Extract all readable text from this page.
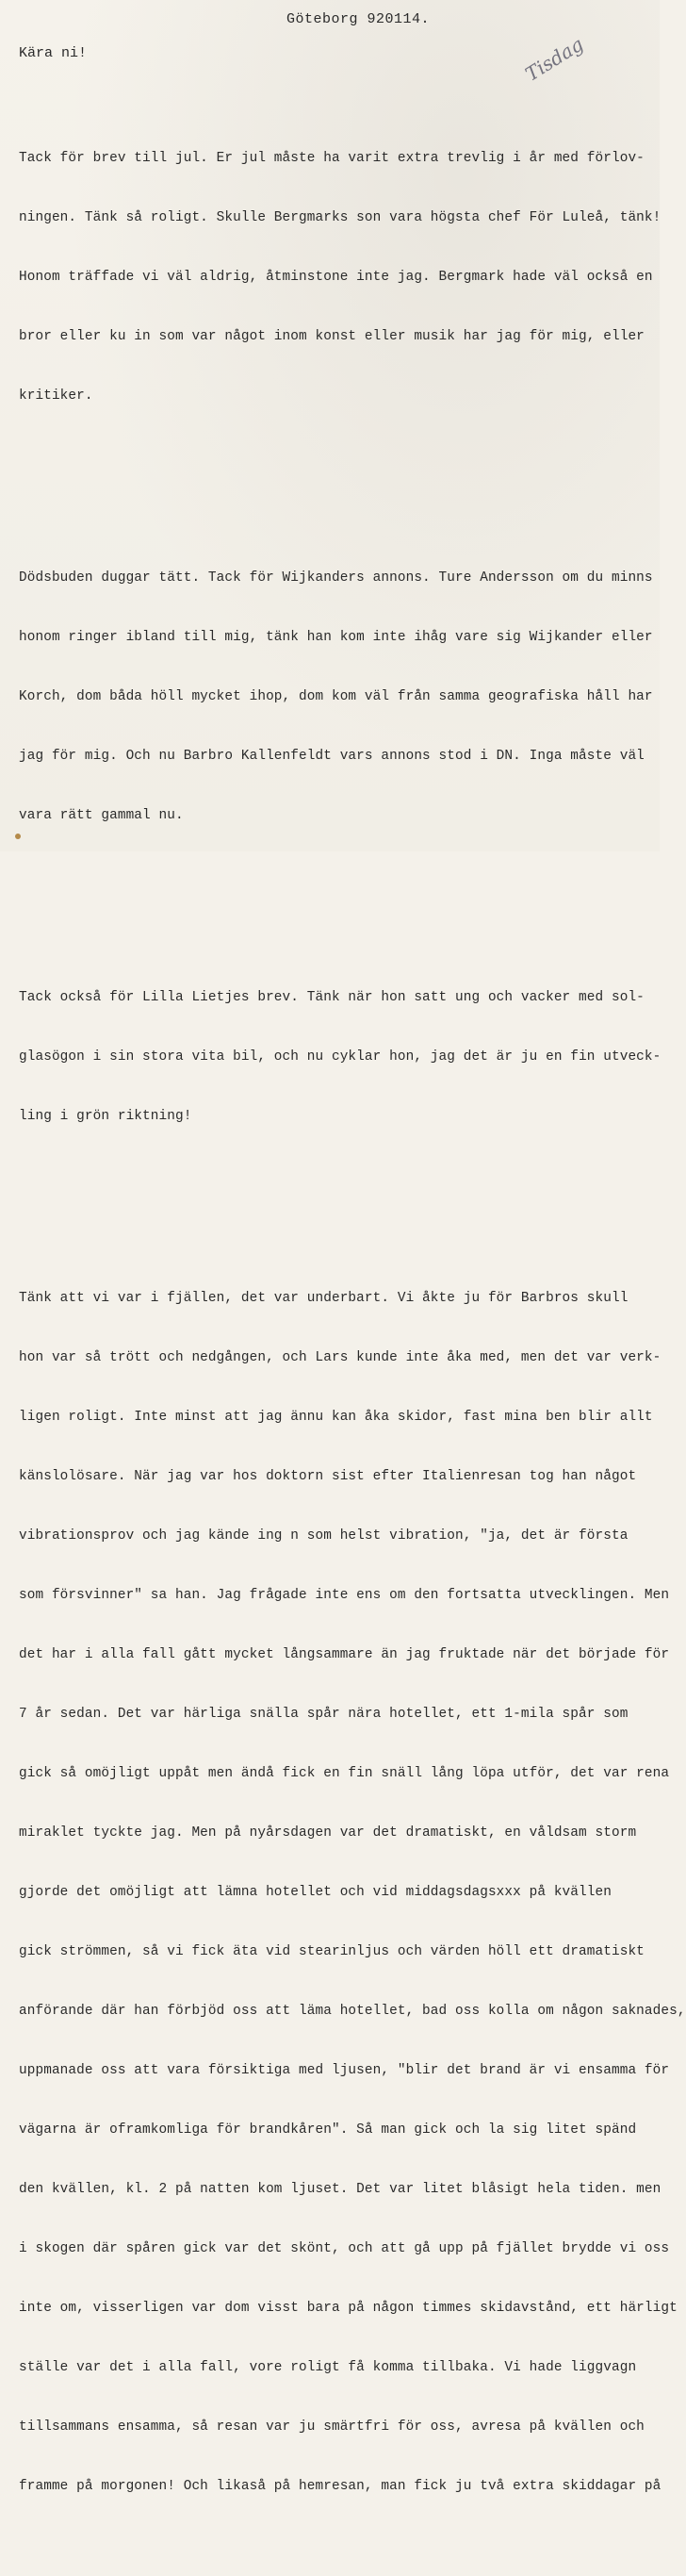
Göteborg 920114.
Tisdag
Kära ni!

Tack för brev till jul. Er jul måste ha varit extra trevlig i år med förlov-

ningen. Tänk så roligt. Skulle Bergmarks son vara högsta chef För Luleå, tänk!

Honom träffade vi väl aldrig, åtminstone inte jag. Bergmark hade väl också en

bror eller ku in som var något inom konst eller musik har jag för mig, eller

kritiker.

Dödsbuden duggar tätt. Tack för Wijkanders annons. Ture Andersson om du minns

honom ringer ibland till mig, tänk han kom inte ihåg vare sig Wijkander eller

Korch, dom båda höll mycket ihop, dom kom väl från samma geografiska håll har

jag för mig. Och nu Barbro Kallenfeldt vars annons stod i DN. Inga måste väl

vara rätt gammal nu.

Tack också för Lilla Lietjes brev. Tänk när hon satt ung och vacker med sol-

glasögon i sin stora vita bil, och nu cyklar hon, jag det är ju en fin utveck-

ling i grön riktning!

Tänk att vi var i fjällen, det var underbart. Vi åkte ju för Barbros skull

hon var så trött och nedgången, och Lars kunde inte åka med, men det var verk-

ligen roligt. Inte minst att jag ännu kan åka skidor, fast mina ben blir allt

känslolösare. När jag var hos doktorn sist efter Italienresan tog han något

vibrationsprov och jag kände ing n som helst vibration, "ja, det är första

som försvinner" sa han. Jag frågade inte ens om den fortsatta utvecklingen. Men

det har i alla fall gått mycket långsammare än jag fruktade när det började för

7 år sedan. Det var härliga snälla spår nära hotellet, ett 1-mila spår som

gick så omöjligt uppåt men ändå fick en fin snäll lång löpa utför, det var rena

miraklet tyckte jag. Men på nyårsdagen var det dramatiskt, en våldsam storm

gjorde det omöjligt att lämna hotellet och vid middagsdagsxxx på kvällen

gick strömmen, så vi fick äta vid stearinljus och värden höll ett dramatiskt

anförande där han förbjöd oss att läma hotellet, bad oss kolla om någon saknades,

uppmanade oss att vara försiktiga med ljusen, "blir det brand är vi ensamma för

vägarna är oframkomliga för brandkåren". Så man gick och la sig litet spänd

den kvällen, kl. 2 på natten kom ljuset. Det var litet blåsigt hela tiden. men

i skogen där spåren gick var det skönt, och att gå upp på fjället brydde vi oss

inte om, visserligen var dom visst bara på någon timmes skidavstånd, ett härligt

ställe var det i alla fall, vore roligt få komma tillbaka. Vi hade liggvagn

tillsammans ensamma, så resan var ju smärtfri för oss, avresa på kvällen och

framme på morgonen! Och likaså på hemresan, man fick ju två extra skiddagar på
